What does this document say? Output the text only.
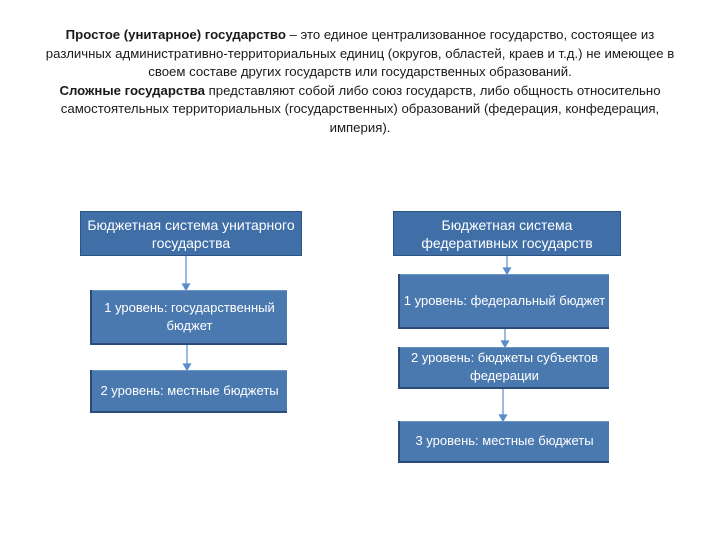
Простое (унитарное) государство – это единое централизованное государство, состоящее из различных административно-территориальных единиц (округов, областей, краев и т.д.) не имеющее в своем составе других государств или государственных образований.
Сложные государства представляют собой либо союз государств, либо общность относительно самостоятельных территориальных (государственных) образований (федерация, конфедерация, империя).
Бюджетная система унитарного государства
1 уровень: государственный бюджет
2 уровень: местные бюджеты
Бюджетная система федеративных государств
1 уровень: федеральный бюджет
2 уровень: бюджеты субъектов федерации
3 уровень: местные бюджеты
